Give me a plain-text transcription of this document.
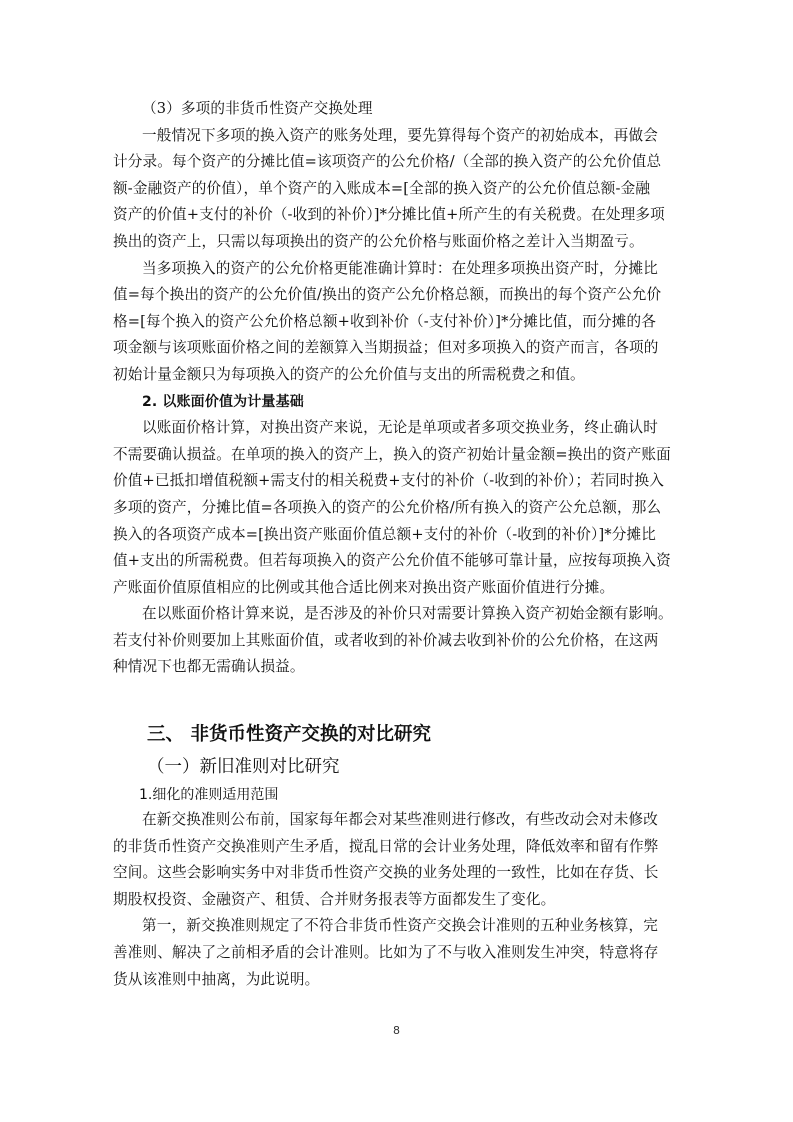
（3）多项的非货币性资产交换处理
一般情况下多项的换入资产的账务处理，要先算得每个资产的初始成本，再做会
计分录。每个资产的分摊比值=该项资产的公允价格/（全部的换入资产的公允价值总
额-金融资产的价值），单个资产的入账成本=[全部的换入资产的公允价值总额-金融
资产的价值+支付的补价（-收到的补价）]*分摊比值+所产生的有关税费。在处理多项
换出的资产上，只需以每项换出的资产的公允价格与账面价格之差计入当期盈亏。
当多项换入的资产的公允价格更能准确计算时：在处理多项换出资产时，分摊比
值=每个换出的资产的公允价值/换出的资产公允价格总额，而换出的每个资产公允价
格=[每个换入的资产公允价格总额+收到补价（-支付补价）]*分摊比值，而分摊的各
项金额与该项账面价格之间的差额算入当期损益；但对多项换入的资产而言，各项的
初始计量金额只为每项换入的资产的公允价值与支出的所需税费之和值。
2. 以账面价值为计量基础
以账面价格计算，对换出资产来说，无论是单项或者多项交换业务，终止确认时
不需要确认损益。在单项的换入的资产上，换入的资产初始计量金额=换出的资产账面
价值+已抵扣增值税额+需支付的相关税费+支付的补价（-收到的补价）；若同时换入
多项的资产，分摊比值=各项换入的资产的公允价格/所有换入的资产公允总额，那么
换入的各项资产成本=[换出资产账面价值总额+支付的补价（-收到的补价）]*分摊比
值+支出的所需税费。但若每项换入的资产公允价值不能够可靠计量，应按每项换入资
产账面价值原值相应的比例或其他合适比例来对换出资产账面价值进行分摊。
在以账面价格计算来说，是否涉及的补价只对需要计算换入资产初始金额有影响。
若支付补价则要加上其账面价值，或者收到的补价减去收到补价的公允价格，在这两
种情况下也都无需确认损益。
三、 非货币性资产交换的对比研究
（一）新旧准则对比研究
1.细化的准则适用范围
在新交换准则公布前，国家每年都会对某些准则进行修改，有些改动会对未修改
的非货币性资产交换准则产生矛盾，搅乱日常的会计业务处理，降低效率和留有作弊
空间。这些会影响实务中对非货币性资产交换的业务处理的一致性，比如在存货、长
期股权投资、金融资产、租赁、合并财务报表等方面都发生了变化。
第一，新交换准则规定了不符合非货币性资产交换会计准则的五种业务核算，完
善准则、解决了之前相矛盾的会计准则。比如为了不与收入准则发生冲突，特意将存
货从该准则中抽离，为此说明。
8
